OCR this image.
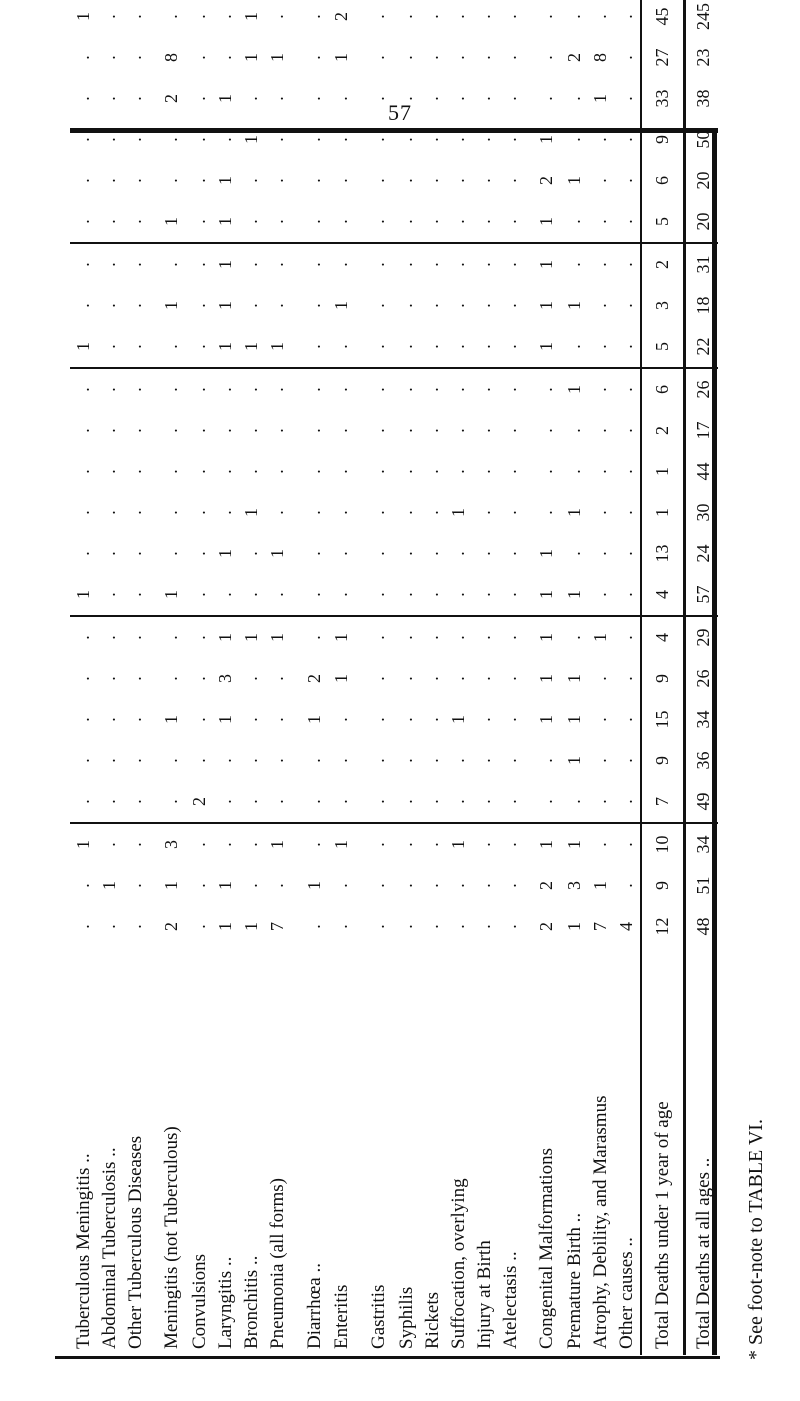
57
Tuberculous Meningitis ..	.	.	1	.	.	.	.	.	1	.	.	.	.	.	1	.	.	.	.	.	.	.	1		
Abdominal Tuberculosis ..	.	1	.	.	.	.	.	.	.	.	.	.	.	.	.	.	.	.	.	.	.	.	.		
Other Tuberculous Diseases	.	.	.	.	.	.	.	.	.	.	.	.	.	.	.	.	.	.	.	.	.	.	.		
Meningitis (not Tuberculous)	2	1	3	.	.	1	.	.	1	.	.	.	.	.	.	1	.	1	.	.	2	8	.		
Convulsions	.	.	.	2	.	.	.	.	.	.	.	.	.	.	.	.	.	.	.	.	.	.	.		
Laryngitis ..	1	1	.	.	.	1	3	1	.	1	.	.	.	.	1	1	1	1	1	.	1	.	.		
Bronchitis ..	1	.	.	.	.	.	.	1	.	.	1	.	.	.	1	.	.	.	.	1	.	1	1		
Pneumonia (all forms)	7	.	1	.	.	.	.	1	.	1	.	.	.	.	1	.	.	.	.	.	.	1	.		
Diarrhœa ..	.	1	.	.	.	1	2	.	.	.	.	.	.	.	.	.	.	.	.	.	.	.	.		
Enteritis	.	.	1	.	.	.	1	1	.	.	.	.	.	.	.	1	.	.	.	.	.	1	2		
Gastritis	.	.	.	.	.	.	.	.	.	.	.	.	.	.	.	.	.	.	.	.	.	.	.		
Syphilis	.	.	.	.	.	.	.	.	.	.	.	.	.	.	.	.	.	.	.	.	.	.	.		
Rickets	.	.	.	.	.	.	.	.	.	.	.	.	.	.	.	.	.	.	.	.	.	.	.		
Suffocation, overlying	.	.	1	.	.	1	.	.	.	.	1	.	.	.	.	.	.	.	.	.	.	.	.		
Injury at Birth	.	.	.	.	.	.	.	.	.	.	.	.	.	.	.	.	.	.	.	.	.	.	.		
Atelectasis ..	.	.	.	.	.	.	.	.	.	.	.	.	.	.	.	.	.	.	.	.	.	.	.		
Congenital Malformations	2	2	1	.	.	1	1	1	1	1	.	.	.	.	1	1	1	1	2	1	.	.	.		
Premature Birth ..	1	3	1	.	1	1	1	.	1	.	1	.	.	1	.	1	.	.	1	.	.	2	.		
Atrophy, Debility, and Marasmus	7	1	.	.	.	.	.	1	.	.	.	.	.	.	.	.	.	.	.	.	1	8	.		
Other causes ..	4	.	.	.	.	.	.	.	.	.	.	.	.	.	.	.	.	.	.	.	.	.	.		
Total Deaths under 1 year of age	12	9	10	7	9	15	9	4	4	13	1	1	2	6	5	3	2	5	6	9	33	27	45		
Total Deaths at all ages ..	48	51	34	49	36	34	26	29	57	24	30	44	17	26	22	18	31	20	20	50	38	23	245		
* See foot-note to TABLE VI.
